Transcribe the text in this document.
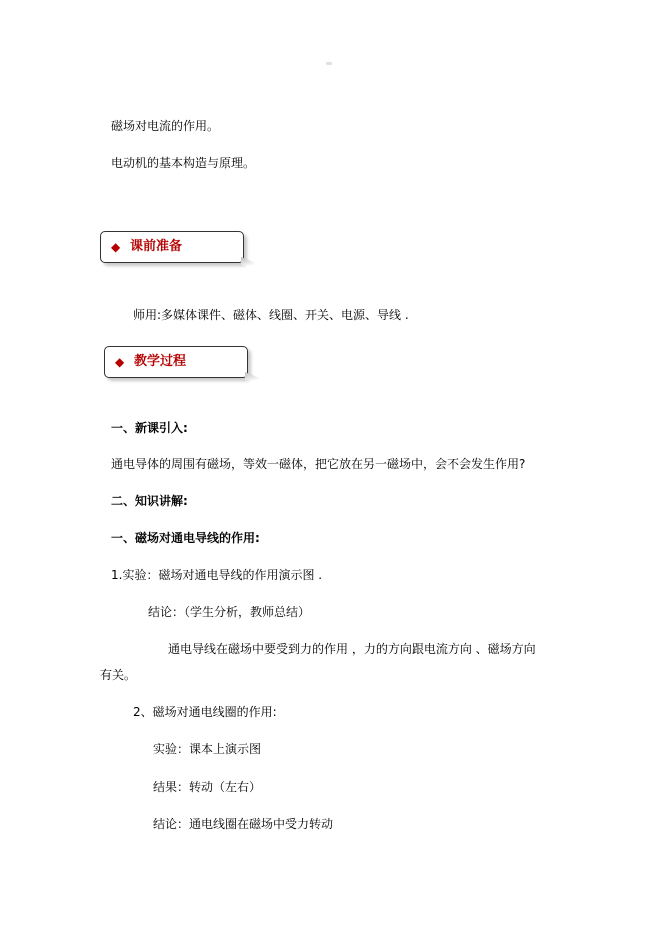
磁场对电流的作用。
电动机的基本构造与原理。
◆ 课前准备
师用:多媒体课件、磁体、线圈、开关、电源、导线 .
◆ 教学过程
一、新课引入:
通电导体的周围有磁场，等效一磁体，把它放在另一磁场中，会不会发生作用?
二、知识讲解:
一、磁场对通电导线的作用:
1.实验：磁场对通电导线的作用演示图 .
结论：（学生分析，教师总结）
通电导线在磁场中要受到力的作用 ，力的方向跟电流方向 、磁场方向
有关。
2、磁场对通电线圈的作用:
实验：课本上演示图
结果：转动（左右）
结论：通电线圈在磁场中受力转动
